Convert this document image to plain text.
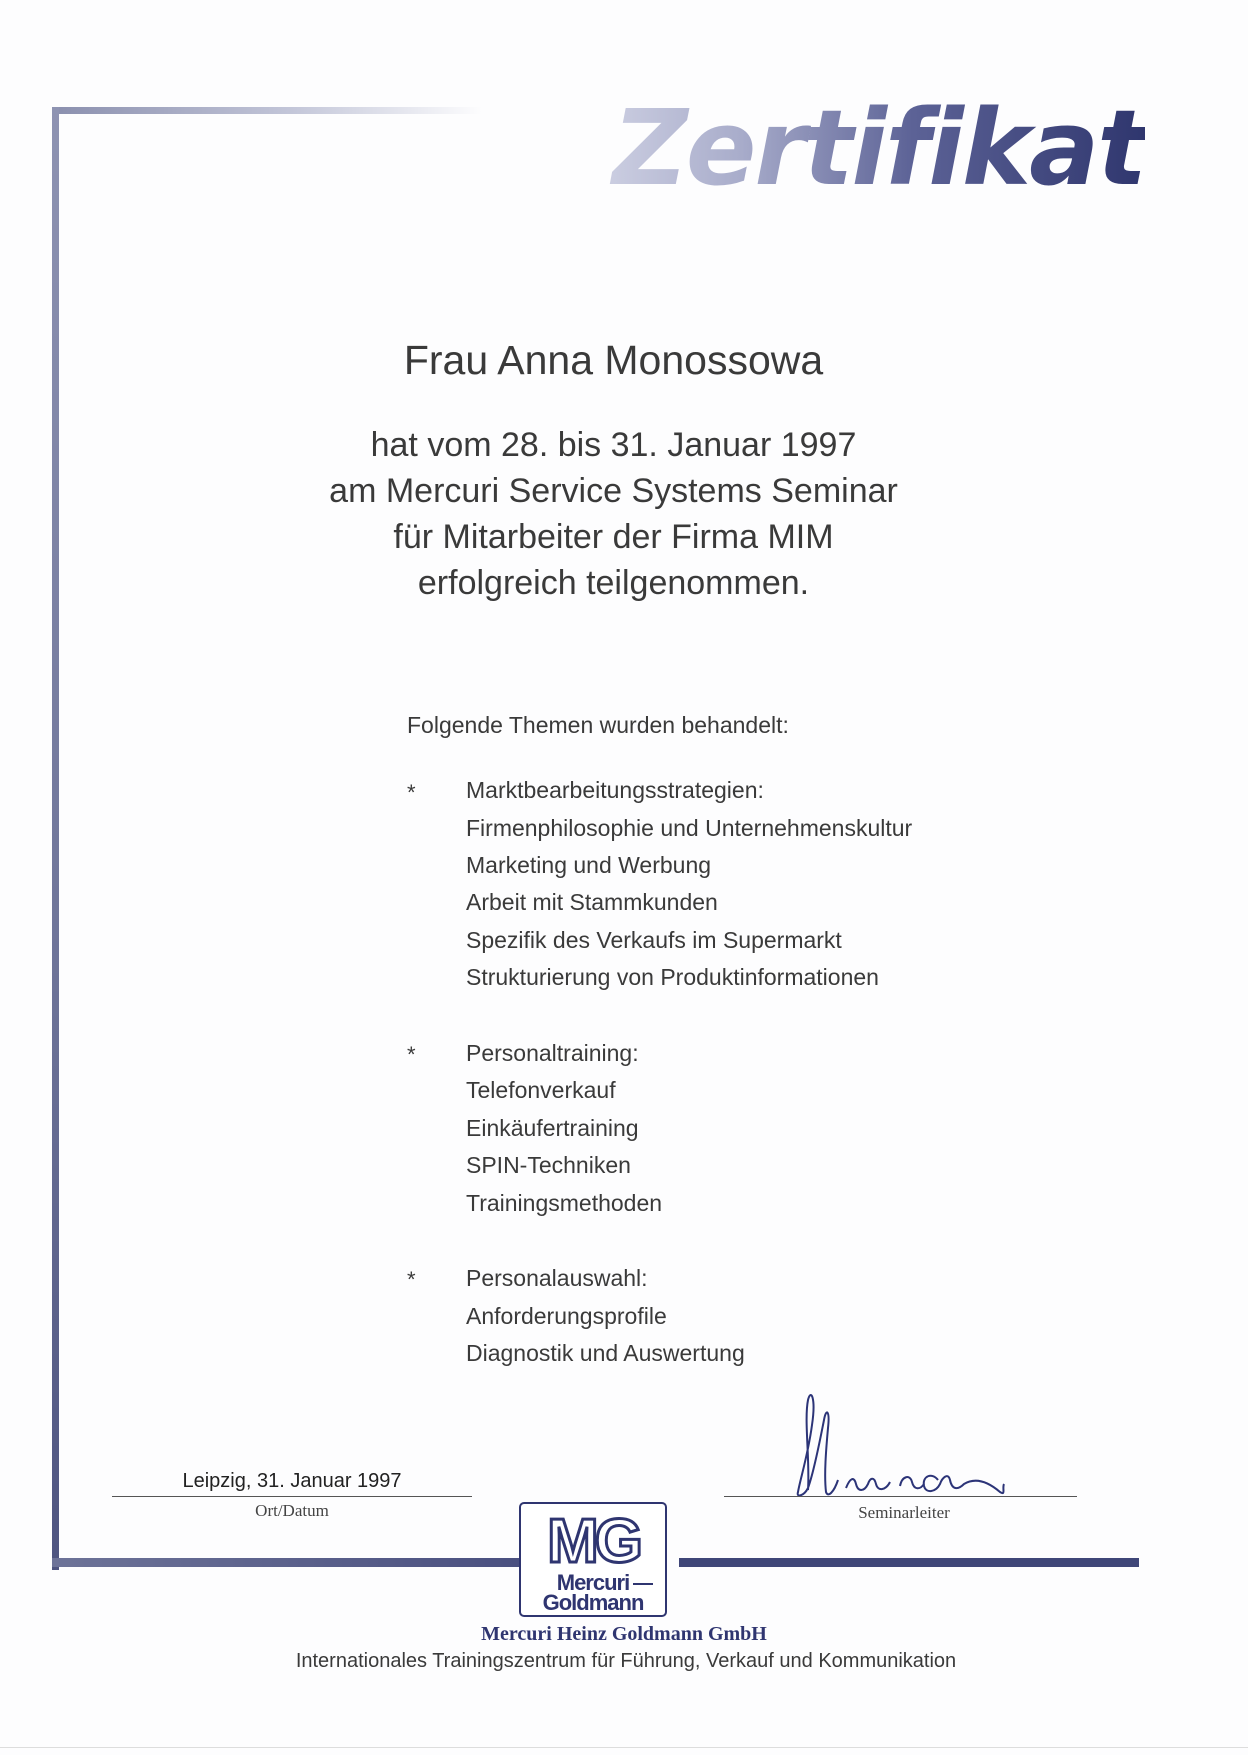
Zertifikat
Frau Anna Monossowa
hat vom 28. bis 31. Januar 1997
am Mercuri Service Systems Seminar
für Mitarbeiter der Firma MIM
erfolgreich teilgenommen.
Folgende Themen wurden behandelt:
* Marktbearbeitungsstrategien:
Firmenphilosophie und Unternehmenskultur
Marketing und Werbung
Arbeit mit Stammkunden
Spezifik des Verkaufs im Supermarkt
Strukturierung von Produktinformationen
* Personaltraining:
Telefonverkauf
Einkäufertraining
SPIN-Techniken
Trainingsmethoden
* Personalauswahl:
Anforderungsprofile
Diagnostik und Auswertung
Leipzig, 31. Januar 1997
Ort/Datum	Seminarleiter
MG
Mercuri
Goldmann
Mercuri Heinz Goldmann GmbH
Internationales Trainingszentrum für Führung, Verkauf und Kommunikation
